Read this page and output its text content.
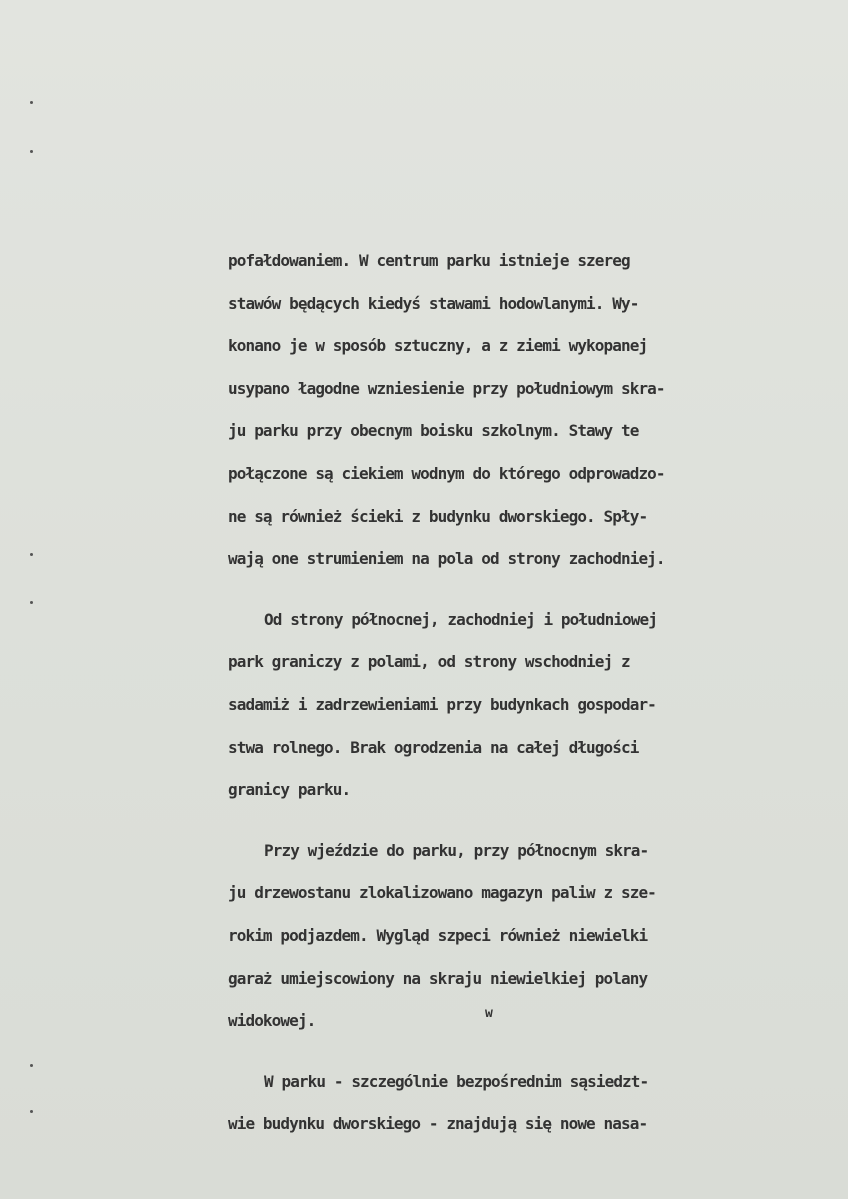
pofałdowaniem. W centrum parku istnieje szereg
stawów będących kiedyś stawami hodowlanymi. Wy-
konano je w sposób sztuczny, a z ziemi wykopanej
usypano łagodne wzniesienie przy południowym skra-
ju parku przy obecnym boisku szkolnym. Stawy te
połączone są ciekiem wodnym do którego odprowadzo-
ne są również ścieki z budynku dworskiego. Spły-
wają one strumieniem na pola od strony zachodniej.
Od strony północnej, zachodniej i południowej
park graniczy z polami, od strony wschodniej z
sadamiż i zadrzewieniami przy budynkach gospodar-
stwa rolnego. Brak ogrodzenia na całej długości
granicy parku.
Przy wjeździe do parku, przy północnym skra-
ju drzewostanu zlokalizowano magazyn paliw z sze-
rokim podjazdem. Wygląd szpeci również niewielki
garaż umiejscowiony na skraju niewielkiej polany
widokowej.
W parku - szczególnie bezpośrednim sąsiedzt-
wie budynku dworskiego - znajdują się nowe nasa-
w
